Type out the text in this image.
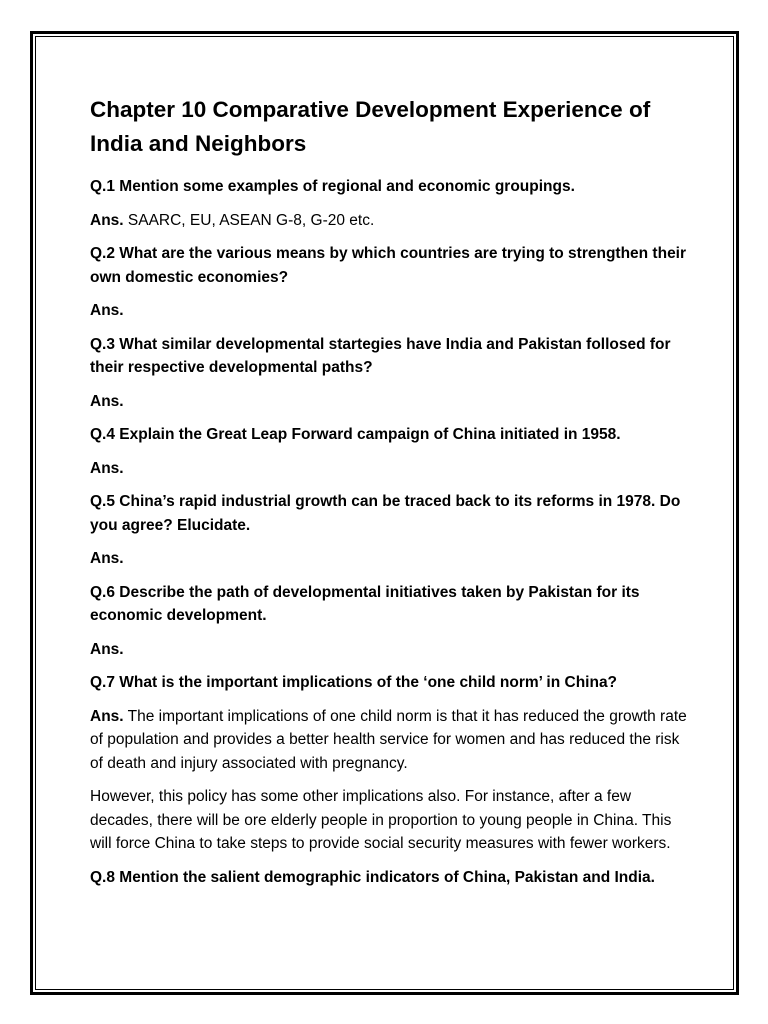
Chapter 10 Comparative Development Experience of India and Neighbors
Q.1 Mention some examples of regional and economic groupings.
Ans. SAARC, EU, ASEAN G-8, G-20 etc.
Q.2 What are the various means by which countries are trying to strengthen their own domestic economies?
Ans.
Q.3 What similar developmental startegies have India and Pakistan follosed for their respective developmental paths?
Ans.
Q.4 Explain the Great Leap Forward campaign of China initiated in 1958.
Ans.
Q.5 China’s rapid industrial growth can be traced back to its reforms in 1978. Do you agree? Elucidate.
Ans.
Q.6 Describe the path of developmental initiatives taken by Pakistan for its economic development.
Ans.
Q.7 What is the important implications of the ‘one child norm’ in China?
Ans. The important implications of one child norm is that it has reduced the growth rate of population and provides a better health service for women and has reduced the risk of death and injury associated with pregnancy.
However, this policy has some other implications also. For instance, after a few decades, there will be ore elderly people in proportion to young people in China. This will force China to take steps to provide social security measures with fewer workers.
Q.8 Mention the salient demographic indicators of China, Pakistan and India.
